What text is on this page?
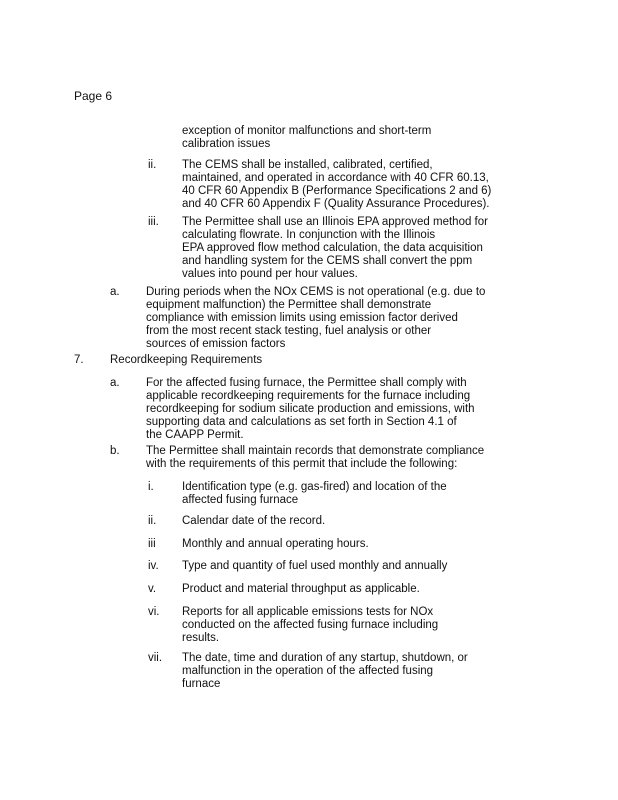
Page 6
exception of monitor malfunctions and short-term
calibration issues
ii. The CEMS shall be installed, calibrated, certified,
maintained, and operated in accordance with 40 CFR 60.13,
40 CFR 60 Appendix B (Performance Specifications 2 and 6)
and 40 CFR 60 Appendix F (Quality Assurance Procedures).
iii. The Permittee shall use an Illinois EPA approved method for
calculating flowrate. In conjunction with the Illinois
EPA approved flow method calculation, the data acquisition
and handling system for the CEMS shall convert the ppm
values into pound per hour values.
a. During periods when the NOx CEMS is not operational (e.g. due to
equipment malfunction) the Permittee shall demonstrate
compliance with emission limits using emission factor derived
from the most recent stack testing, fuel analysis or other
sources of emission factors
7. Recordkeeping Requirements
a. For the affected fusing furnace, the Permittee shall comply with
applicable recordkeeping requirements for the furnace including
recordkeeping for sodium silicate production and emissions, with
supporting data and calculations as set forth in Section 4.1 of
the CAAPP Permit.
b. The Permittee shall maintain records that demonstrate compliance
with the requirements of this permit that include the following:
i. Identification type (e.g. gas-fired) and location of the
affected fusing furnace
ii. Calendar date of the record.
iii Monthly and annual operating hours.
iv. Type and quantity of fuel used monthly and annually
v. Product and material throughput as applicable.
vi. Reports for all applicable emissions tests for NOx
conducted on the affected fusing furnace including
results.
vii. The date, time and duration of any startup, shutdown, or
malfunction in the operation of the affected fusing
furnace
